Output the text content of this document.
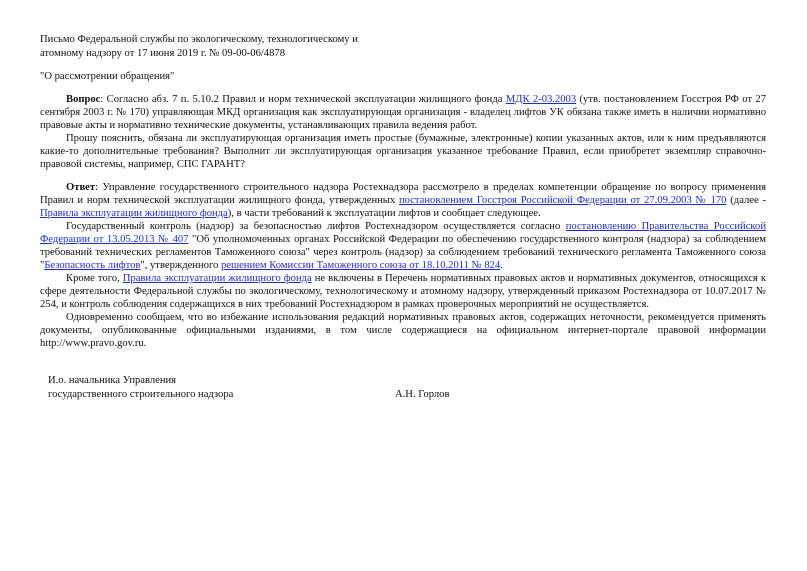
Письмо Федеральной службы по экологическому, технологическому и
атомному надзору от 17 июня 2019 г. № 09-00-06/4878
"О рассмотрении обращения"

Вопрос: Согласно абз. 7 п. 5.10.2 Правил и норм технической эксплуатации жилищного фонда МДК 2-03.2003 (утв. постановлением Госстроя РФ от 27 сентября 2003 г. № 170) управляющая МКД организация как эксплуатирующая организация - владелец лифтов УК обязана также иметь в наличии нормативно правовые акты и нормативно технические документы, устанавливающих правила ведения работ.

Прошу пояснить, обязана ли эксплуатирующая организация иметь простые (бумажные, электронные) копии указанных актов, или к ним предъявляются какие-то дополнительные требования? Выполнит ли эксплуатирующая организация указанное требование Правил, если приобретет экземпляр справочно-правовой системы, например, СПС ГАРАНТ?

Ответ: Управление государственного строительного надзора Ростехнадзора рассмотрело в пределах компетенции обращение по вопросу применения Правил и норм технической эксплуатации жилищного фонда, утвержденных постановлением Госстроя Российской Федерации от 27.09.2003 № 170 (далее - Правила эксплуатации жилищного фонда), в части требований к эксплуатации лифтов и сообщает следующее.

Государственный контроль (надзор) за безопасностью лифтов Ростехнадзором осуществляется согласно постановлению Правительства Российской Федерации от 13.05.2013 № 407 "Об уполномоченных органах Российской Федерации по обеспечению государственного контроля (надзора) за соблюдением требований технических регламентов Таможенного союза" через контроль (надзор) за соблюдением требований технического регламента Таможенного союза "Безопасность лифтов", утвержденного решением Комиссии Таможенного союза от 18.10.2011 № 824.

Кроме того, Правила эксплуатации жилищного фонда не включены в Перечень нормативных правовых актов и нормативных документов, относящихся к сфере деятельности Федеральной службы по экологическому, технологическому и атомному надзору, утвержденный приказом Ростехнадзора от 10.07.2017 № 254, и контроль соблюдения содержащихся в них требований Ростехнадзором в рамках проверочных мероприятий не осуществляется.

Одновременно сообщаем, что во избежание использования редакций нормативных правовых актов, содержащих неточности, рекомендуется применять документы, опубликованные официальными изданиями, в том числе содержащиеся на официальном интернет-портале правовой информации http://www.pravo.gov.ru.

И.о. начальника Управления
государственного строительного надзора	А.Н. Горлов
